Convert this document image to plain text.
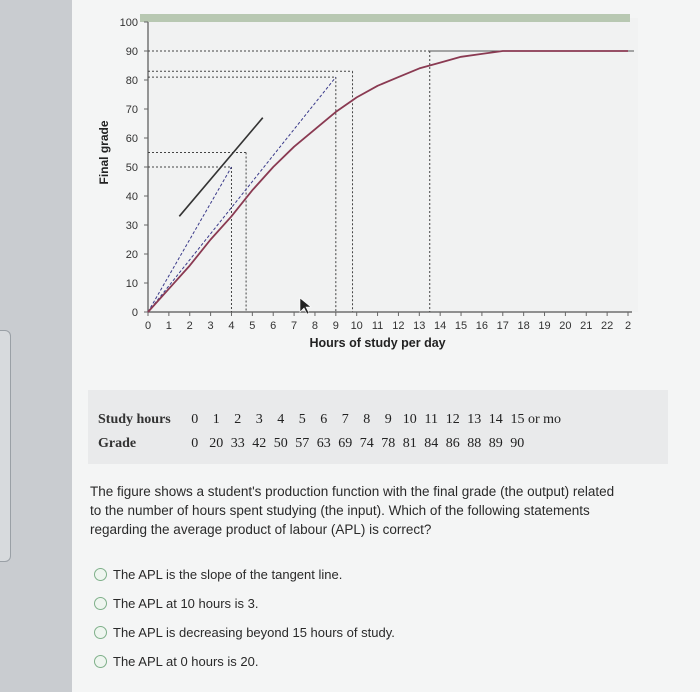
0
10
20
30
40
50
60
70
80
90
100
0 1 2 3 4 5 6 7 8 9 10 11 12 13 14 15 16 17 18 19 20 21 22 2
Hours of study per day
Final grade
Study hours 0 1 2 3 4 5 6 7 8 9 10 11 12 13 14 15 or mo
Grade	0 20 33 42 50 57 63 69 74 78 81 84 86 88 89 90
The figure shows a student's production function with the final grade (the output) related to the number of hours spent studying (the input). Which of the following statements regarding the average product of labour (APL) is correct?
The APL is the slope of the tangent line.
The APL at 10 hours is 3.
The APL is decreasing beyond 15 hours of study.
The APL at 0 hours is 20.
